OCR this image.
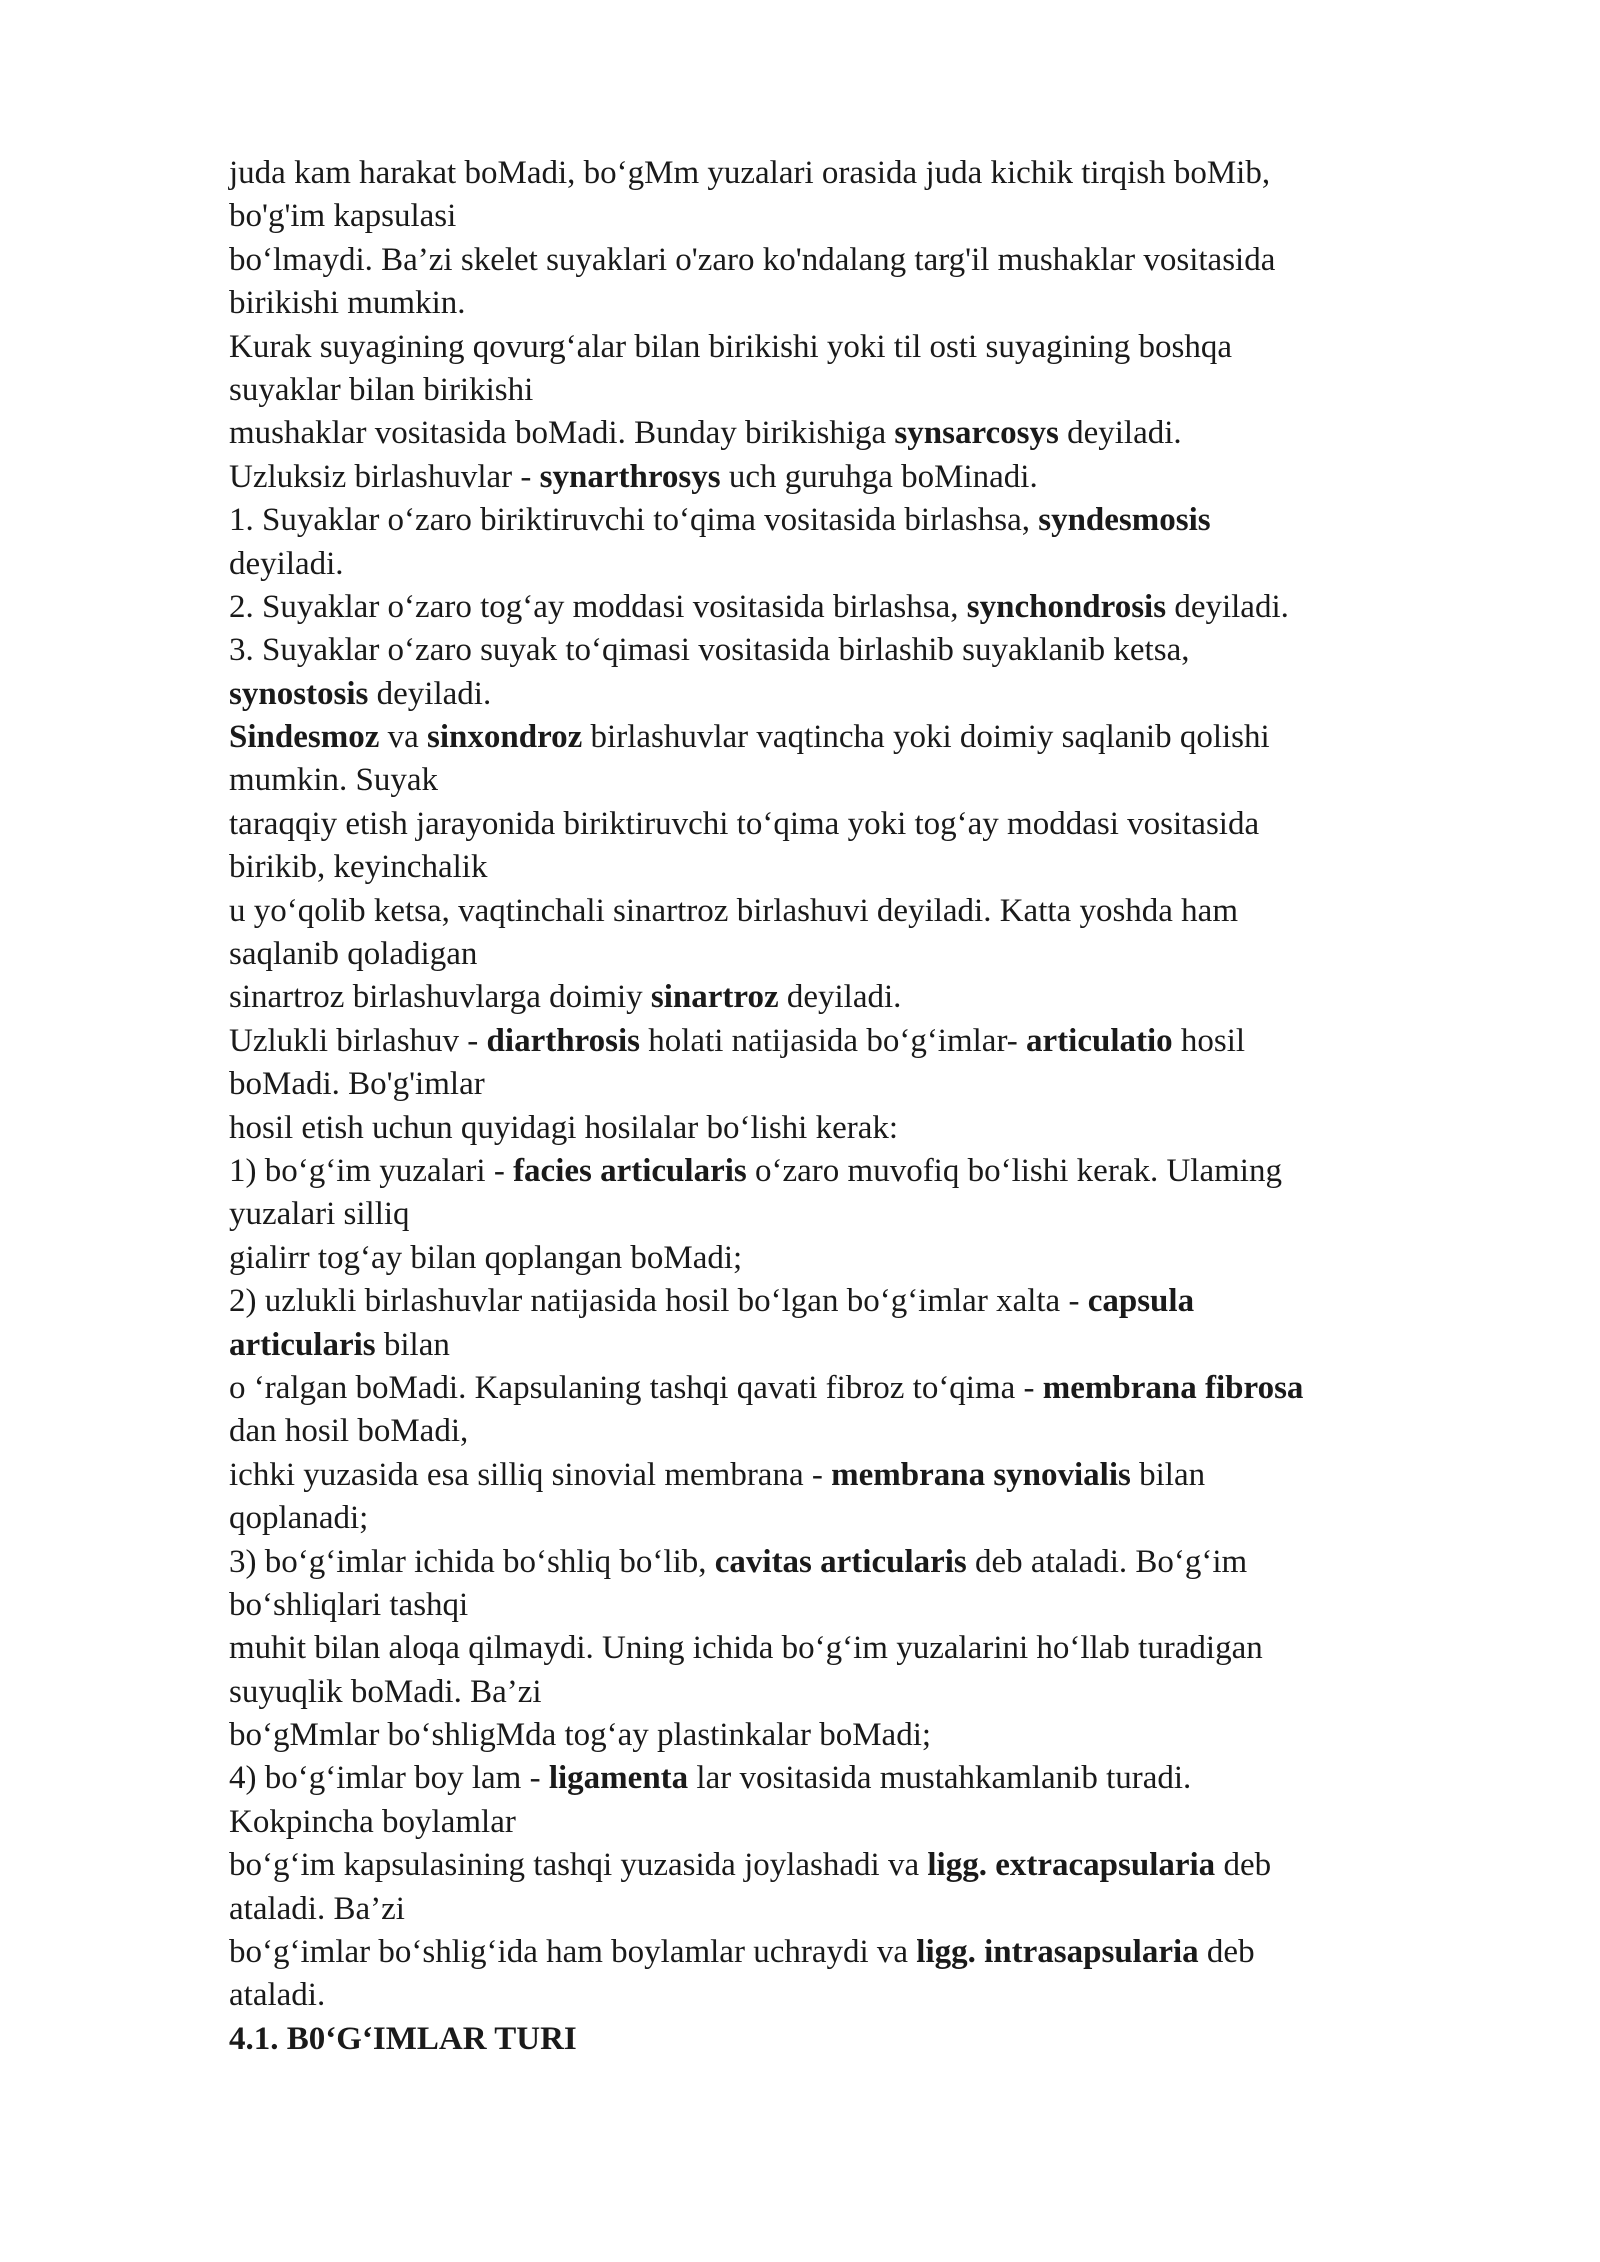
juda kam harakat boMadi, bo‘gMm yuzalari orasida juda kichik tirqish boMib,
bo'g'im kapsulasi
bo‘lmaydi. Ba’zi skelet suyaklari o'zaro ko'ndalang targ'il mushaklar vositasida
birikishi mumkin.
Kurak suyagining qovurg‘alar bilan birikishi yoki til osti suyagining boshqa
suyaklar bilan birikishi
mushaklar vositasida boMadi. Bunday birikishiga synsarcosys deyiladi.
Uzluksiz birlashuvlar - synarthrosys uch guruhga boMinadi.
1. Suyaklar o‘zaro biriktiruvchi to‘qima vositasida birlashsa, syndesmosis
deyiladi.
2. Suyaklar o‘zaro tog‘ay moddasi vositasida birlashsa, synchondrosis deyiladi.
3. Suyaklar o‘zaro suyak to‘qimasi vositasida birlashib suyaklanib ketsa,
synostosis deyiladi.
Sindesmoz va sinxondroz birlashuvlar vaqtincha yoki doimiy saqlanib qolishi
mumkin. Suyak
taraqqiy etish jarayonida biriktiruvchi to‘qima yoki tog‘ay moddasi vositasida
birikib, keyinchalik
u yo‘qolib ketsa, vaqtinchali sinartroz birlashuvi deyiladi. Katta yoshda ham
saqlanib qoladigan
sinartroz birlashuvlarga doimiy sinartroz deyiladi.
Uzlukli birlashuv - diarthrosis holati natijasida bo‘g‘imlar- articulatio hosil
boMadi. Bo'g'imlar
hosil etish uchun quyidagi hosilalar bo‘lishi kerak:
1) bo‘g‘im yuzalari - facies articularis o‘zaro muvofiq bo‘lishi kerak. Ulaming
yuzalari silliq
gialirr tog‘ay bilan qoplangan boMadi;
2) uzlukli birlashuvlar natijasida hosil bo‘lgan bo‘g‘imlar xalta - capsula
articularis bilan
o ‘ralgan boMadi. Kapsulaning tashqi qavati fibroz to‘qima - membrana fibrosa
dan hosil boMadi,
ichki yuzasida esa silliq sinovial membrana - membrana synovialis bilan
qoplanadi;
3) bo‘g‘imlar ichida bo‘shliq bo‘lib, cavitas articularis deb ataladi. Bo‘g‘im
bo‘shliqlari tashqi
muhit bilan aloqa qilmaydi. Uning ichida bo‘g‘im yuzalarini ho‘llab turadigan
suyuqlik boMadi. Ba’zi
bo‘gMmlar bo‘shligMda tog‘ay plastinkalar boMadi;
4) bo‘g‘imlar boy lam - ligamenta lar vositasida mustahkamlanib turadi.
Kokpincha boylamlar
bo‘g‘im kapsulasining tashqi yuzasida joylashadi va ligg. extracapsularia deb
ataladi. Ba’zi
bo‘g‘imlar bo‘shlig‘ida ham boylamlar uchraydi va ligg. intrasapsularia deb
ataladi.
4.1. B0‘G‘IMLAR TURI
